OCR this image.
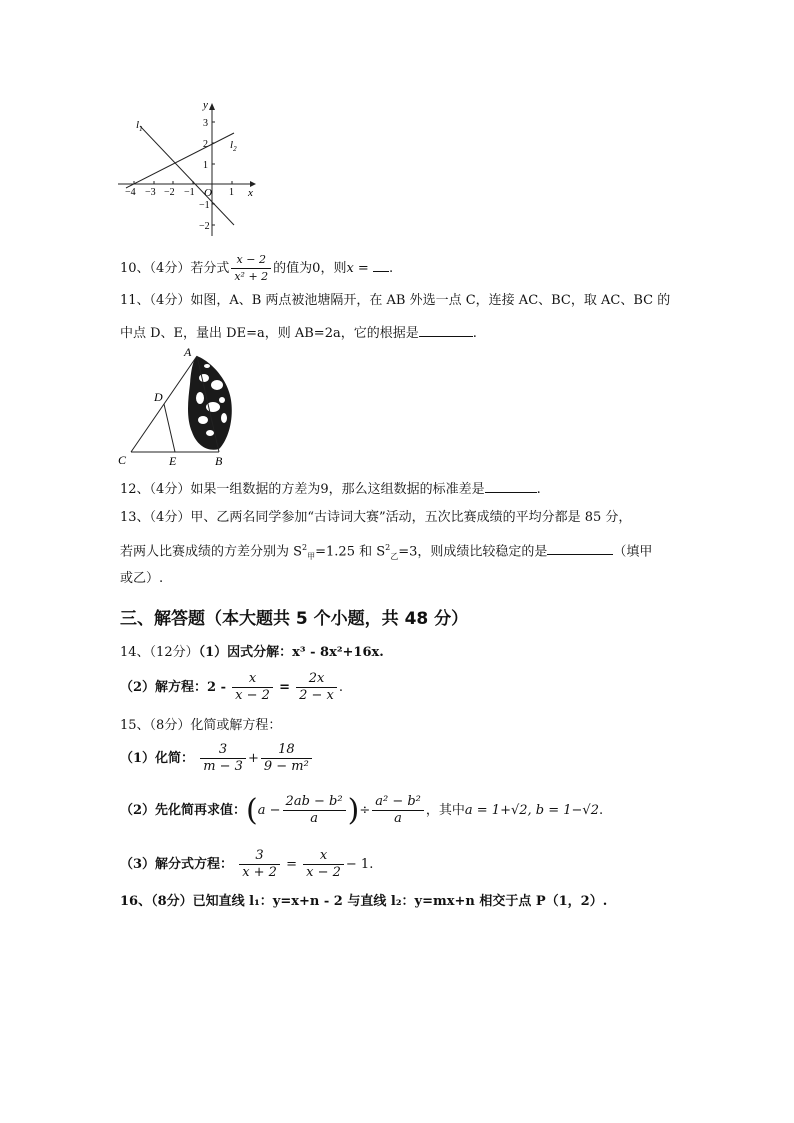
y
x
O
$l_1$
$l_2$
−4 −3 −2 −1	1
3
2
1
−1
−2
10、（4分）若分式 $\frac{x - 2}{\text{x² + 2}}$ 的值为0，则x = .
11、（4分）如图，A、B 两点被池塘隔开，在 AB 外选一点 C，连接 AC、BC，取 AC、BC 的
中点 D、E，量出 DE=a，则 AB=2a，它的根据是	.
A
D
C	E	B
12、（4分）如果一组数据的方差为9，那么这组数据的标准差是	.
13、（4分）甲、乙两名同学参加“古诗词大赛”活动，五次比赛成绩的平均分都是 85 分，
若两人比赛成绩的方差分别为 $S^2_甲=1.25$ 和 $S^2_乙=3$，则成绩比较稳定的是	（填甲
或乙）.
三、解答题（本大题共 5 个小题，共 48 分）
14、（12分）（1）因式分解：x³ - 8x²+16x.
（2）解方程：$2 - \frac{x}{x - 2} = \frac{2x}{2 - x}$ .
15、（8分）化简或解方程：
（1）化简： $\frac{3}{m - 3} + \frac{18}{\text{9 − m²}}$
（2）先化简再求值：($a - \frac{\text{2ab − b²}}{a}$ )÷ $\frac{\text{a² − b²}}{a}$ ，其中a = 1+√2, b = 1−√2.
（3）解分式方程： $\frac{3}{x + 2} = \frac{x}{x - 2} - 1$.
16、（8分）已知直线 l₁：y=x+n - 2 与直线 l₂：y=mx+n 相交于点 P（1，2）.
